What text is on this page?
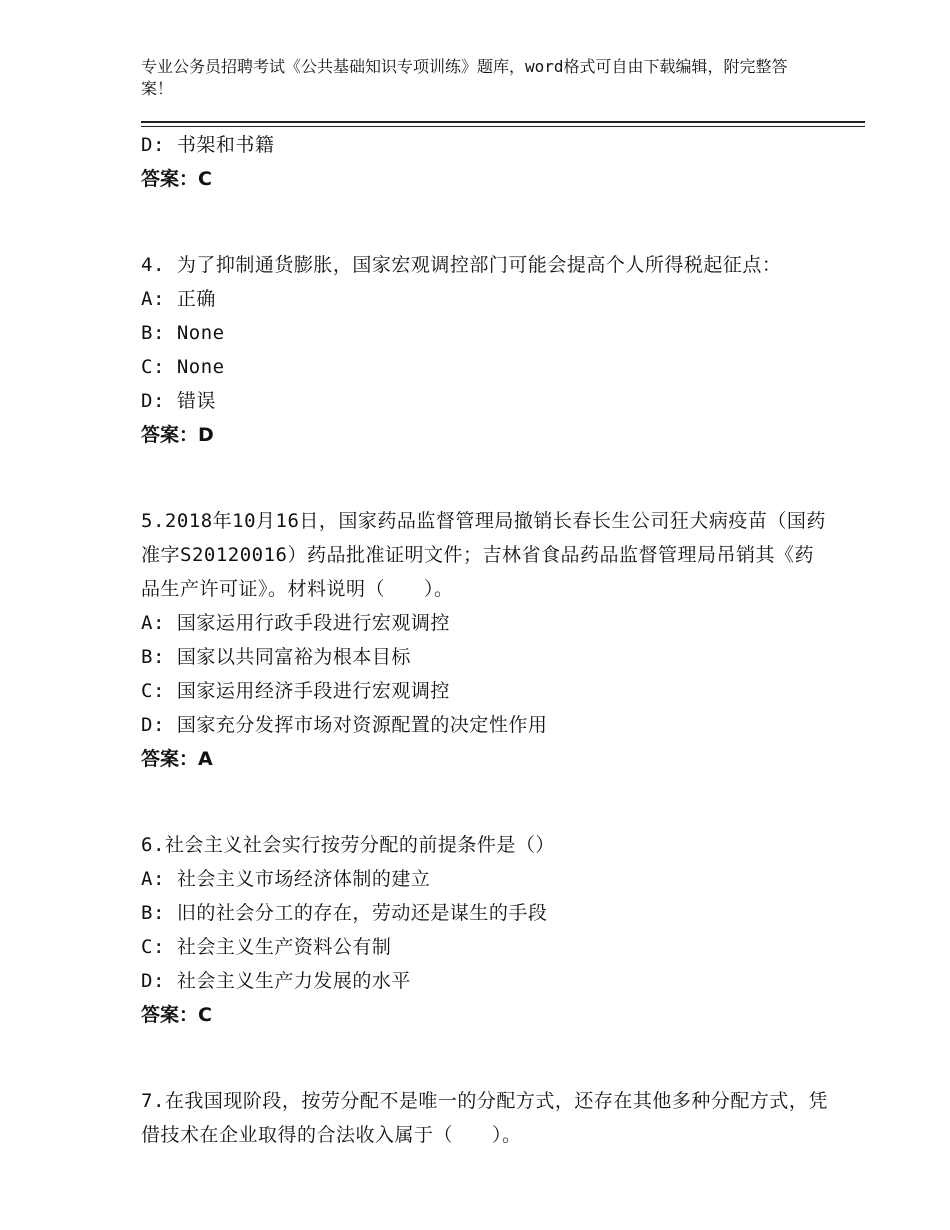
专业公务员招聘考试《公共基础知识专项训练》题库，word格式可自由下载编辑，附完整答案！
D: 书架和书籍
答案：C
4. 为了抑制通货膨胀，国家宏观调控部门可能会提高个人所得税起征点：
A: 正确
B: None
C: None
D: 错误
答案：D
5.2018年10月16日，国家药品监督管理局撤销长春长生公司狂犬病疫苗（国药准字S20120016）药品批准证明文件；吉林省食品药品监督管理局吊销其《药品生产许可证》。材料说明（　　）。
A: 国家运用行政手段进行宏观调控
B: 国家以共同富裕为根本目标
C: 国家运用经济手段进行宏观调控
D: 国家充分发挥市场对资源配置的决定性作用
答案：A
6.社会主义社会实行按劳分配的前提条件是（）
A: 社会主义市场经济体制的建立
B: 旧的社会分工的存在，劳动还是谋生的手段
C: 社会主义生产资料公有制
D: 社会主义生产力发展的水平
答案：C
7.在我国现阶段，按劳分配不是唯一的分配方式，还存在其他多种分配方式，凭借技术在企业取得的合法收入属于（　　）。
